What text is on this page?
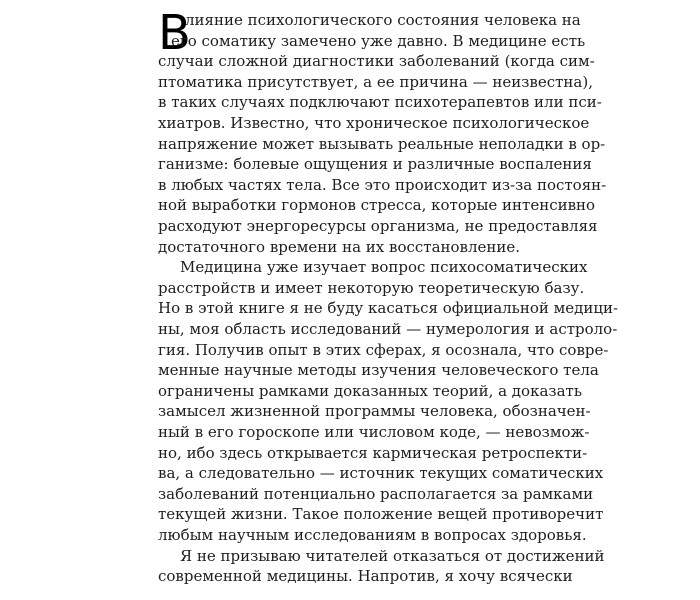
В
лияние психологического состояния человека на
его соматику замечено уже давно. В медицине есть
случаи сложной диагностики заболеваний (когда сим-
птоматика присутствует, а ее причина — неизвестна),
в таких случаях подключают психотерапевтов или пси-
хиатров. Известно, что хроническое психологическое
напряжение может вызывать реальные неполадки в ор-
ганизме: болевые ощущения и различные воспаления
в любых частях тела. Все это происходит из-за постоян-
ной выработки гормонов стресса, которые интенсивно
расходуют энергоресурсы организма, не предоставляя
достаточного времени на их восстановление.
Медицина уже изучает вопрос психосоматических
расстройств и имеет некоторую теоретическую базу.
Но в этой книге я не буду касаться официальной медици-
ны, моя область исследований — нумерология и астроло-
гия. Получив опыт в этих сферах, я осознала, что совре-
менные научные методы изучения человеческого тела
ограничены рамками доказанных теорий, а доказать
замысел жизненной программы человека, обозначен-
ный в его гороскопе или числовом коде, — невозмож-
но, ибо здесь открывается кармическая ретроспекти-
ва, а следовательно — источник текущих соматических
заболеваний потенциально располагается за рамками
текущей жизни. Такое положение вещей противоречит
любым научным исследованиям в вопросах здоровья.
Я не призываю читателей отказаться от достижений
современной медицины. Напротив, я хочу всячески
